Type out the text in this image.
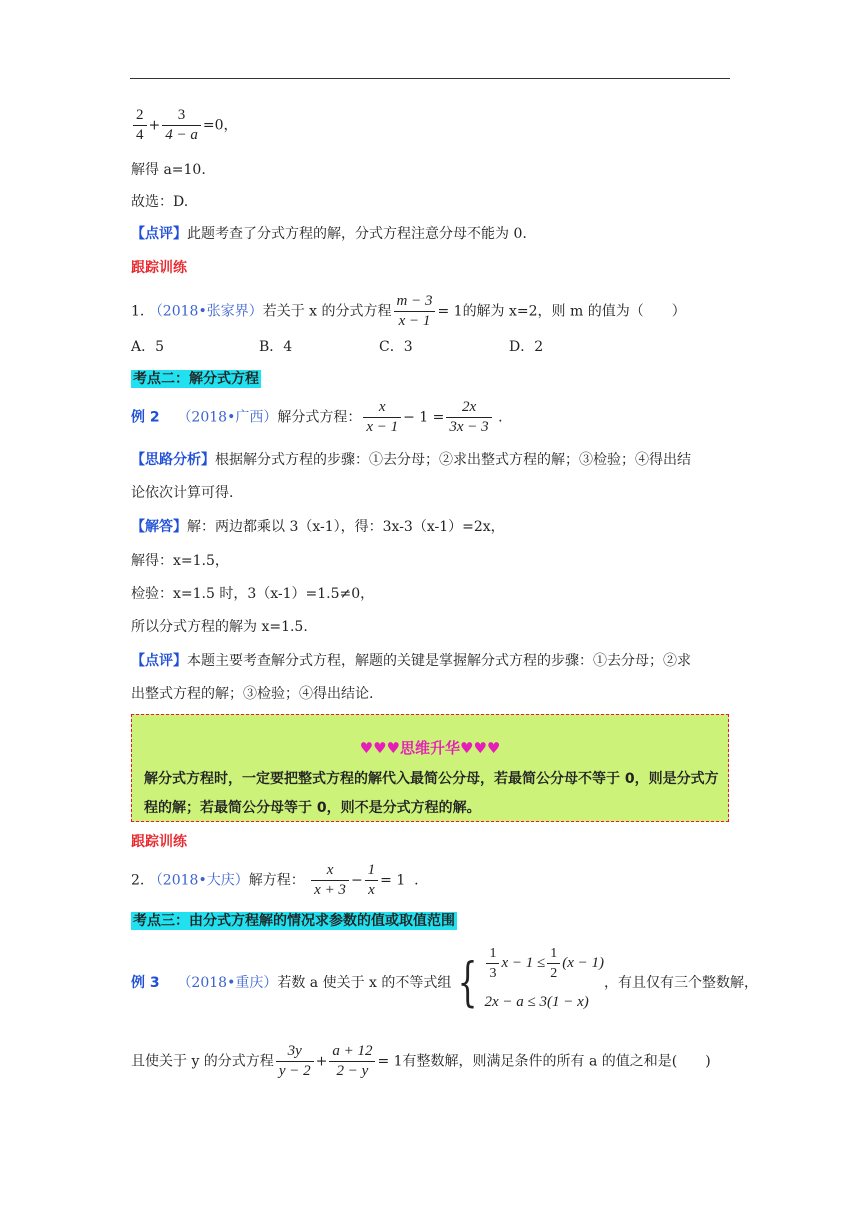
$\frac{2}{4} + \frac{3}{4 - a} =0$，
解得 a=10.
故选：D.
【点评】此题考查了分式方程的解，分式方程注意分母不能为 0.
跟踪训练
1. （2018•张家界）若关于 x 的分式方程 $\frac{m - 3}{x - 1} = 1$的解为 x=2，则 m 的值为（　　）
A．5	B．4	C．3	D．2
考点二：解分式方程
例 2 （2018•广西）解分式方程： $\frac{x}{x - 1} - 1 = \frac{2x}{3x - 3}$ .
【思路分析】根据解分式方程的步骤：①去分母；②求出整式方程的解；③检验；④得出结
论依次计算可得.
【解答】解：两边都乘以 3（x-1），得：3x-3（x-1）=2x，
解得：x=1.5，
检验：x=1.5 时，3（x-1）=1.5≠0，
所以分式方程的解为 x=1.5.
【点评】本题主要考查解分式方程，解题的关键是掌握解分式方程的步骤：①去分母；②求
出整式方程的解；③检验；④得出结论.
♥♥♥思维升华♥♥♥
解分式方程时，一定要把整式方程的解代入最简公分母，若最简公分母不等于 0，则是分式方程的解；若最简公分母等于 0，则不是分式方程的解。
跟踪训练
2. （2018•大庆）解方程： $\frac{x}{x + 3} - \frac{1}{x} = 1$ .
考点三：由分式方程解的情况求参数的值或取值范围
例 3 （2018•重庆）若数 a 使关于 x 的不等式组 { $\frac{1}{3}$ $x - 1 \le \frac{1}{2} (x - 1)$
2x − a ≤ 3(1 − x)
，有且仅有三个整数解，
且使关于 y 的分式方程 $\frac{3y}{y - 2} + \frac{a + 12}{2 - y} = 1$有整数解，则满足条件的所有 a 的值之和是(　　)
